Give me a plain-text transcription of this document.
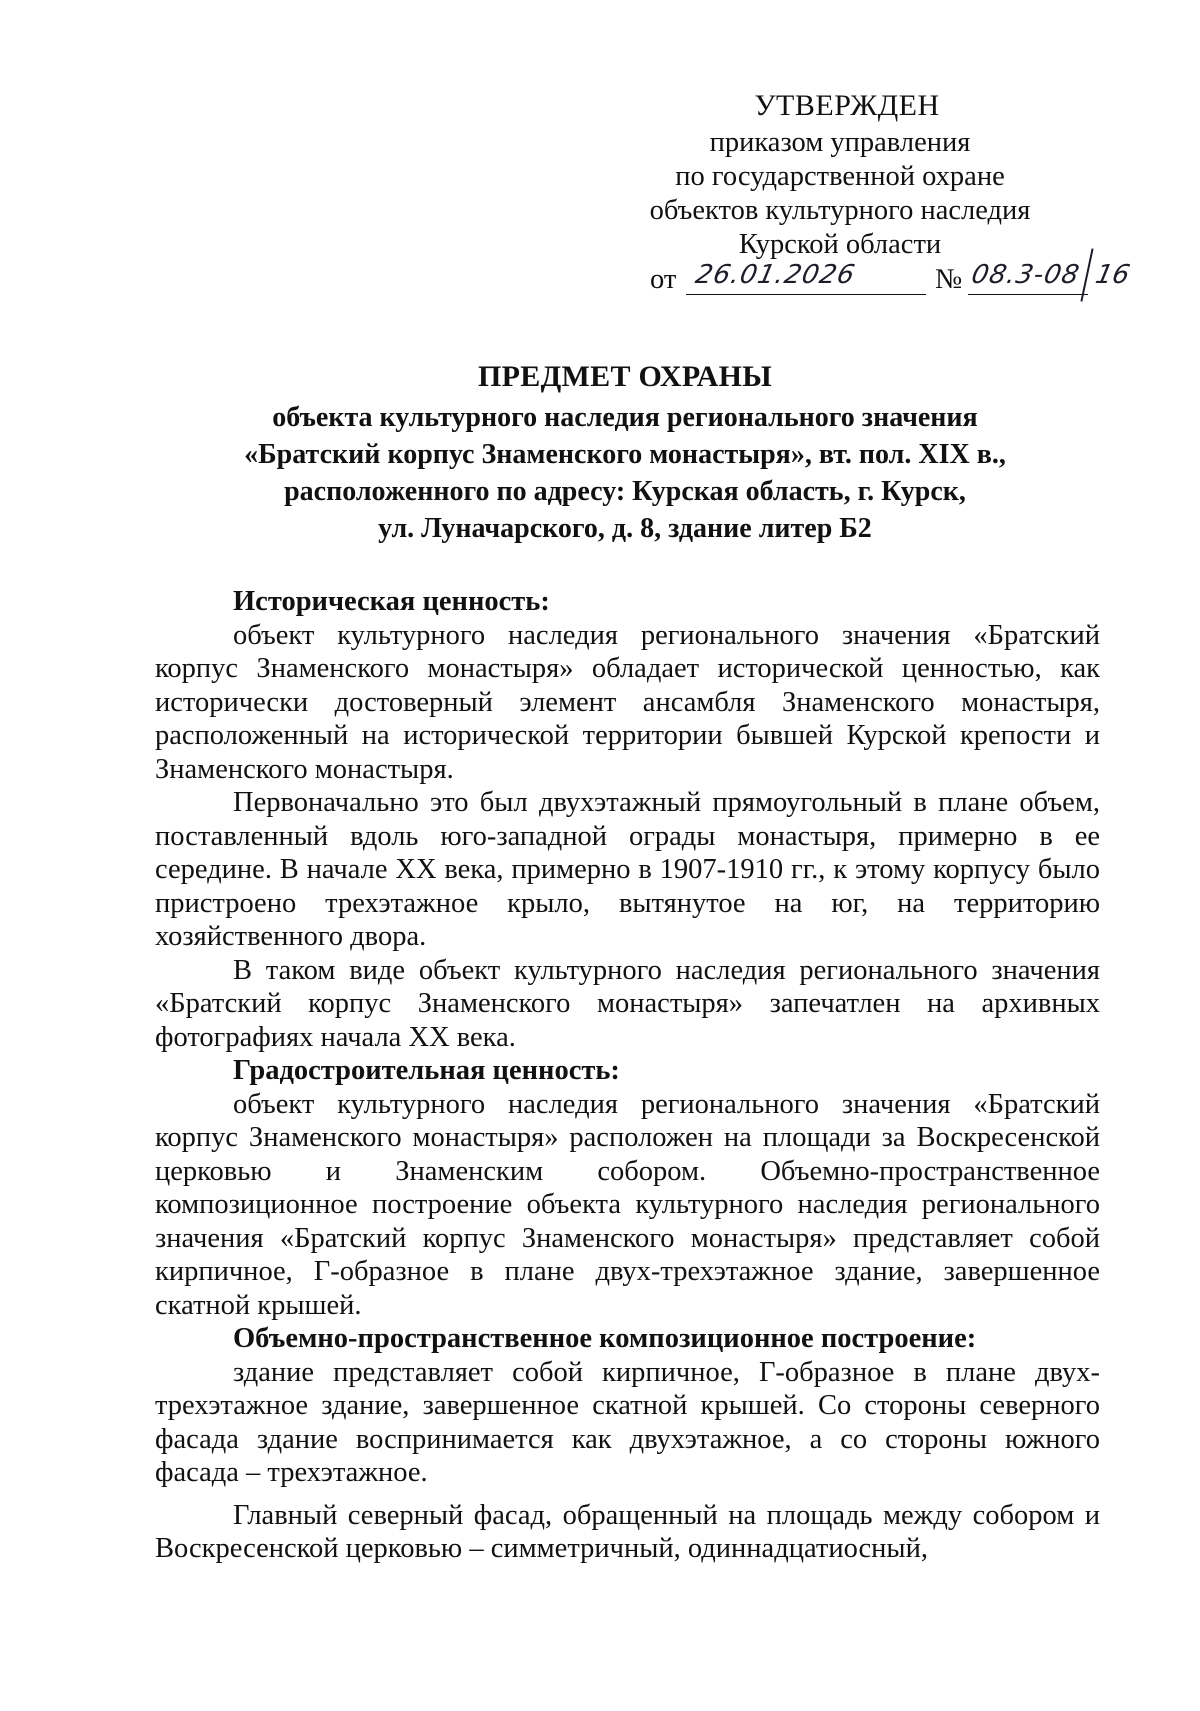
УТВЕРЖДЕН
приказом управления
по государственной охране
объектов культурного наследия
Курской области
от 26.01.2026	№ 08.3-08 16
ПРЕДМЕТ ОХРАНЫ
объекта культурного наследия регионального значения
«Братский корпус Знаменского монастыря», вт. пол. XIX в.,
расположенного по адресу: Курская область, г. Курск,
ул. Луначарского, д. 8, здание литер Б2

Историческая ценность:

объект культурного наследия регионального значения «Братский корпус Знаменского монастыря» обладает исторической ценностью, как исторически достоверный элемент ансамбля Знаменского монастыря, расположенный на исторической территории бывшей Курской крепости и Знаменского монастыря.

Первоначально это был двухэтажный прямоугольный в плане объем, поставленный вдоль юго-западной ограды монастыря, примерно в ее середине. В начале XX века, примерно в 1907-1910 гг., к этому корпусу было пристроено трехэтажное крыло, вытянутое на юг, на территорию хозяйственного двора.

В таком виде объект культурного наследия регионального значения «Братский корпус Знаменского монастыря» запечатлен на архивных фотографиях начала XX века.

Градостроительная ценность:

объект культурного наследия регионального значения «Братский корпус Знаменского монастыря» расположен на площади за Воскресенской церковью и Знаменским собором. Объемно-пространственное композиционное построение объекта культурного наследия регионального значения «Братский корпус Знаменского монастыря» представляет собой кирпичное, Г-образное в плане двух-трехэтажное здание, завершенное скатной крышей.

Объемно-пространственное композиционное построение:

здание представляет собой кирпичное, Г-образное в плане двух-трехэтажное здание, завершенное скатной крышей. Со стороны северного фасада здание воспринимается как двухэтажное, а со стороны южного фасада – трехэтажное.

Главный северный фасад, обращенный на площадь между собором и Воскресенской церковью – симметричный, одиннадцатиосный,
